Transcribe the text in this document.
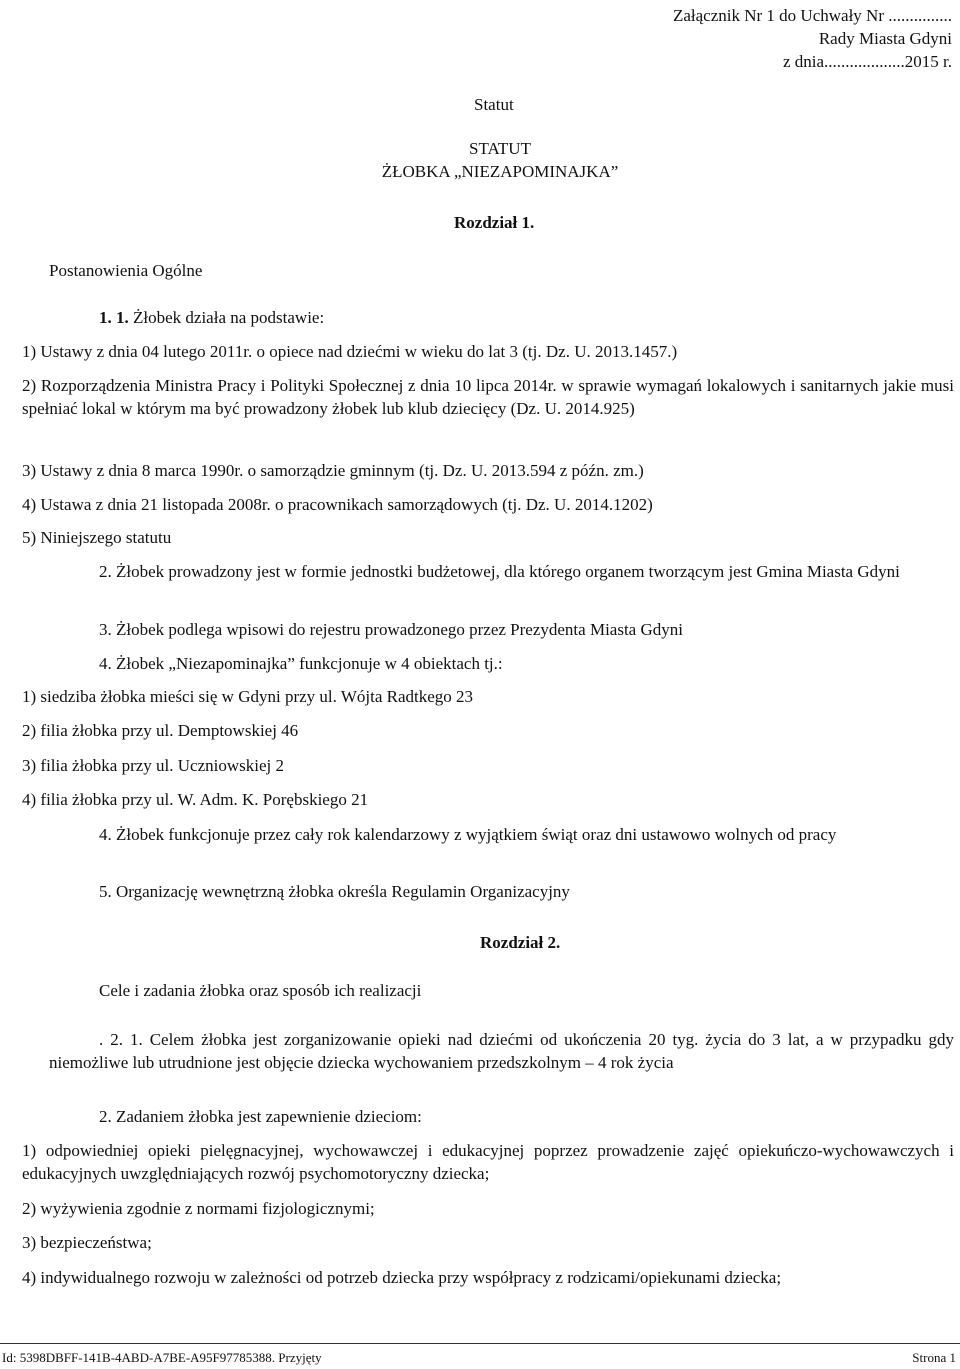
Załącznik Nr 1 do Uchwały Nr ...............
Rady Miasta Gdyni
z dnia...................2015 r.
Statut
STATUT
ŻŁOBKA „NIEZAPOMINAJKA”
Rozdział 1.
Postanowienia Ogólne
1. 1. Żłobek działa na podstawie:
1) Ustawy z dnia 04 lutego 2011r. o opiece nad dziećmi w wieku do lat 3 (tj. Dz. U. 2013.1457.)
2) Rozporządzenia Ministra Pracy i Polityki Społecznej z dnia 10 lipca 2014r. w sprawie wymagań lokalowych i sanitarnych jakie musi spełniać lokal w którym ma być prowadzony żłobek lub klub dziecięcy (Dz. U. 2014.925)
3) Ustawy z dnia 8 marca 1990r. o samorządzie gminnym (tj. Dz. U. 2013.594 z późn. zm.)
4) Ustawa z dnia 21 listopada 2008r. o pracownikach samorządowych (tj. Dz. U. 2014.1202)
5) Niniejszego statutu
2. Żłobek prowadzony jest w formie jednostki budżetowej, dla którego organem tworzącym jest Gmina Miasta Gdyni
3. Żłobek podlega wpisowi do rejestru prowadzonego przez Prezydenta Miasta Gdyni
4. Żłobek „Niezapominajka” funkcjonuje w 4 obiektach tj.:
1) siedziba żłobka mieści się w Gdyni przy ul. Wójta Radtkego 23
2) filia żłobka przy ul. Demptowskiej 46
3) filia żłobka przy ul. Uczniowskiej 2
4) filia żłobka przy ul. W. Adm. K. Porębskiego 21
4. Żłobek funkcjonuje przez cały rok kalendarzowy z wyjątkiem świąt oraz dni ustawowo wolnych od pracy
5. Organizację wewnętrzną żłobka określa Regulamin Organizacyjny
Rozdział 2.
Cele i zadania żłobka oraz sposób ich realizacji
. 2. 1. Celem żłobka jest zorganizowanie opieki nad dziećmi od ukończenia 20 tyg. życia do 3 lat, a w przypadku gdy niemożliwe lub utrudnione jest objęcie dziecka wychowaniem przedszkolnym – 4 rok życia
2. Zadaniem żłobka jest zapewnienie dzieciom:
1) odpowiedniej opieki pielęgnacyjnej, wychowawczej i edukacyjnej poprzez prowadzenie zajęć opiekuńczo-wychowawczych i edukacyjnych uwzględniających rozwój psychomotoryczny dziecka;
2) wyżywienia zgodnie z normami fizjologicznymi;
3) bezpieczeństwa;
4) indywidualnego rozwoju w zależności od potrzeb dziecka przy współpracy z rodzicami/opiekunami dziecka;
Id: 5398DBFF-141B-4ABD-A7BE-A95F97785388. Przyjęty	Strona 1
